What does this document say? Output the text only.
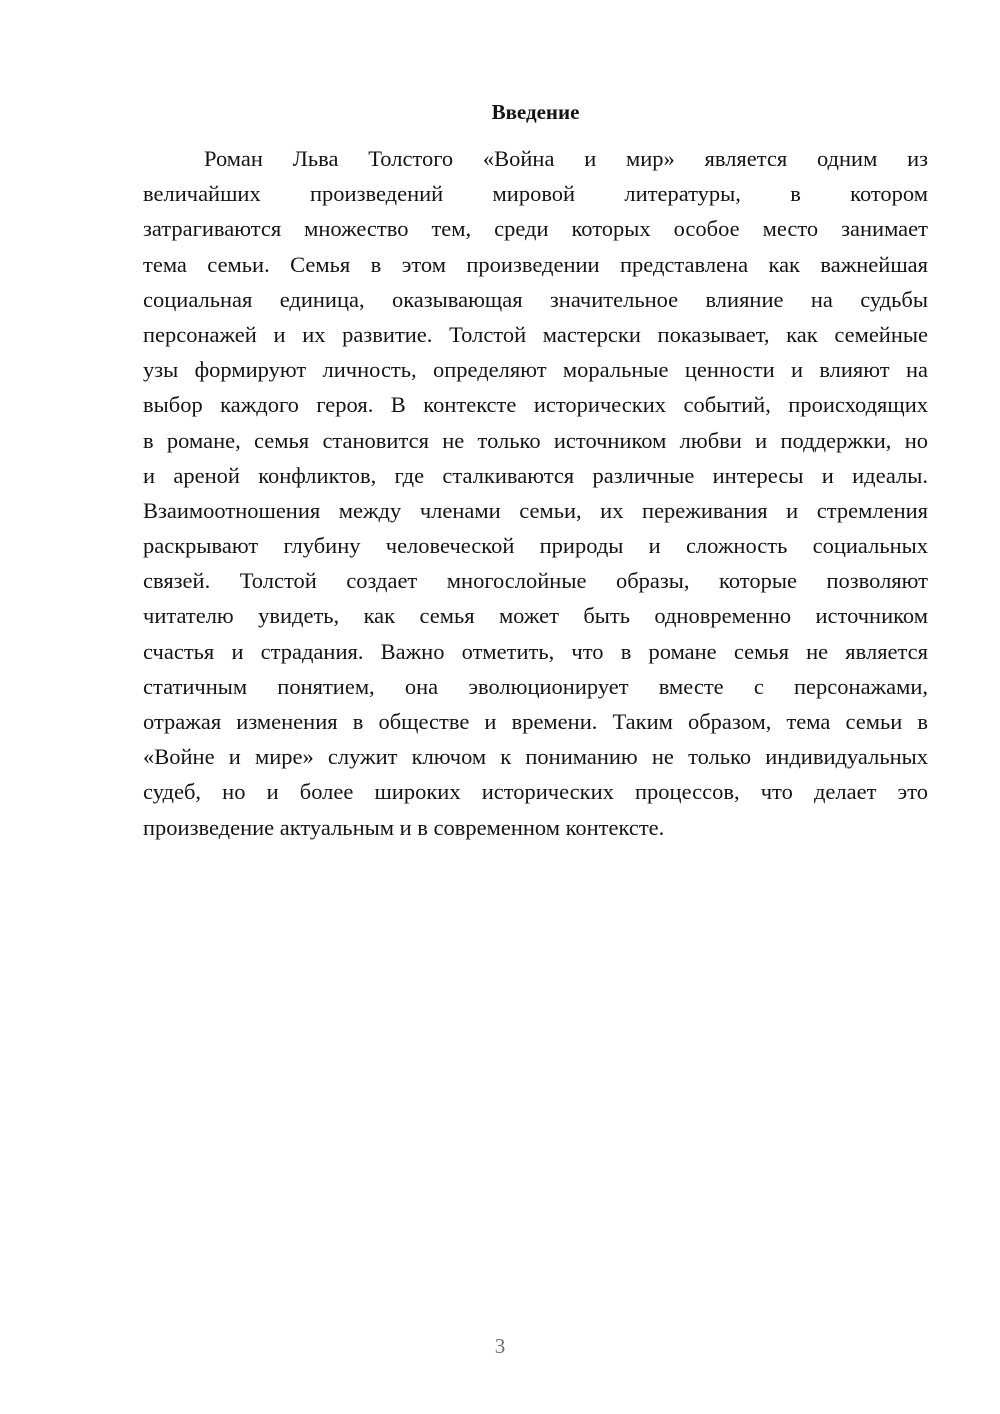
Введение
Роман Льва Толстого «Война и мир» является одним из
величайших произведений мировой литературы, в котором
затрагиваются множество тем, среди которых особое место занимает
тема семьи. Семья в этом произведении представлена как важнейшая
социальная единица, оказывающая значительное влияние на судьбы
персонажей и их развитие. Толстой мастерски показывает, как семейные
узы формируют личность, определяют моральные ценности и влияют на
выбор каждого героя. В контексте исторических событий, происходящих
в романе, семья становится не только источником любви и поддержки, но
и ареной конфликтов, где сталкиваются различные интересы и идеалы.
Взаимоотношения между членами семьи, их переживания и стремления
раскрывают глубину человеческой природы и сложность социальных
связей. Толстой создает многослойные образы, которые позволяют
читателю увидеть, как семья может быть одновременно источником
счастья и страдания. Важно отметить, что в романе семья не является
статичным понятием, она эволюционирует вместе с персонажами,
отражая изменения в обществе и времени. Таким образом, тема семьи в
«Войне и мире» служит ключом к пониманию не только индивидуальных
судеб, но и более широких исторических процессов, что делает это
произведение актуальным и в современном контексте.
3
